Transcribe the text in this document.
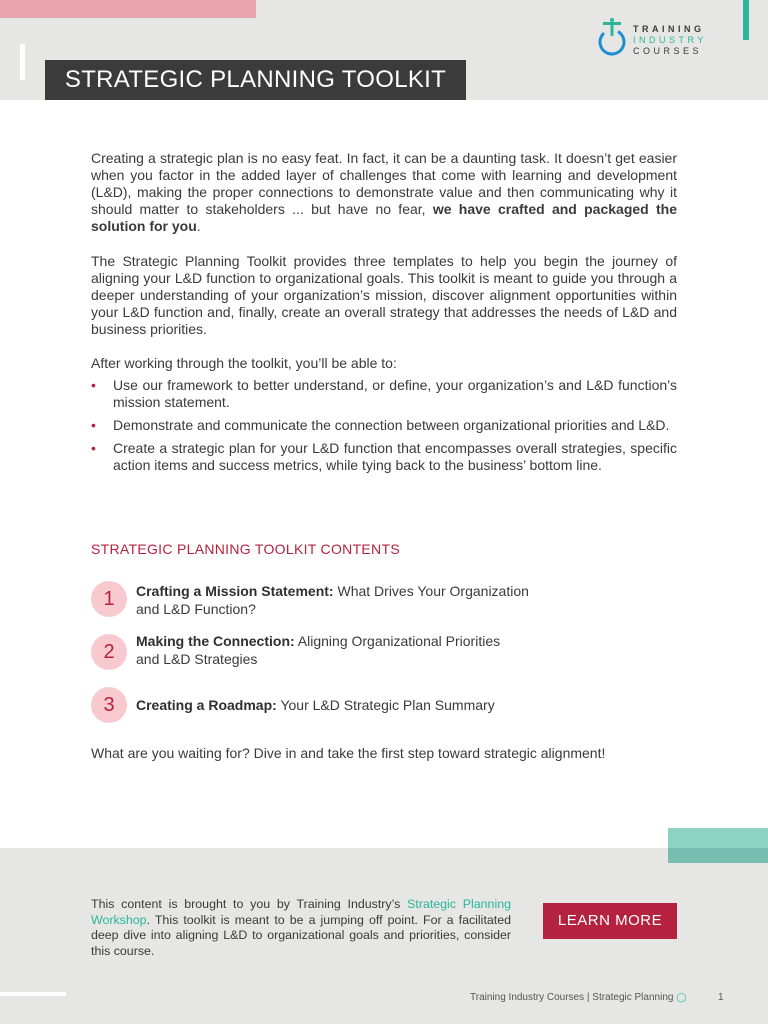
TRAINING
INDUSTRY
COURSES
STRATEGIC PLANNING TOOLKIT
Creating a strategic plan is no easy feat. In fact, it can be a daunting task. It doesn’t get easier when you factor in the added layer of challenges that come with learning and development (L&D), making the proper connections to demonstrate value and then communicating why it should matter to stakeholders ... but have no fear, we have crafted and packaged the solution for you.
The Strategic Planning Toolkit provides three templates to help you begin the journey of aligning your L&D function to organizational goals. This toolkit is meant to guide you through a deeper understanding of your organization’s mission, discover alignment opportunities within your L&D function and, finally, create an overall strategy that addresses the needs of L&D and business priorities.
After working through the toolkit, you’ll be able to:
• Use our framework to better understand, or define, your organization’s and L&D function’s mission statement.
• Demonstrate and communicate the connection between organizational priorities and L&D.
• Create a strategic plan for your L&D function that encompasses overall strategies, specific action items and success metrics, while tying back to the business’ bottom line.
STRATEGIC PLANNING TOOLKIT CONTENTS
1	Crafting a Mission Statement: What Drives Your Organization
and L&D Function?
2	Making the Connection: Aligning Organizational Priorities
and L&D Strategies
3	Creating a Roadmap: Your L&D Strategic Plan Summary
What are you waiting for? Dive in and take the first step toward strategic alignment!
This content is brought to you by Training Industry’s Strategic Planning Workshop. This toolkit is meant to be a jumping off point. For a facilitated deep dive into aligning L&D to organizational goals and priorities, consider this course.
LEARN MORE
Training Industry Courses | Strategic Planning ◯	1
